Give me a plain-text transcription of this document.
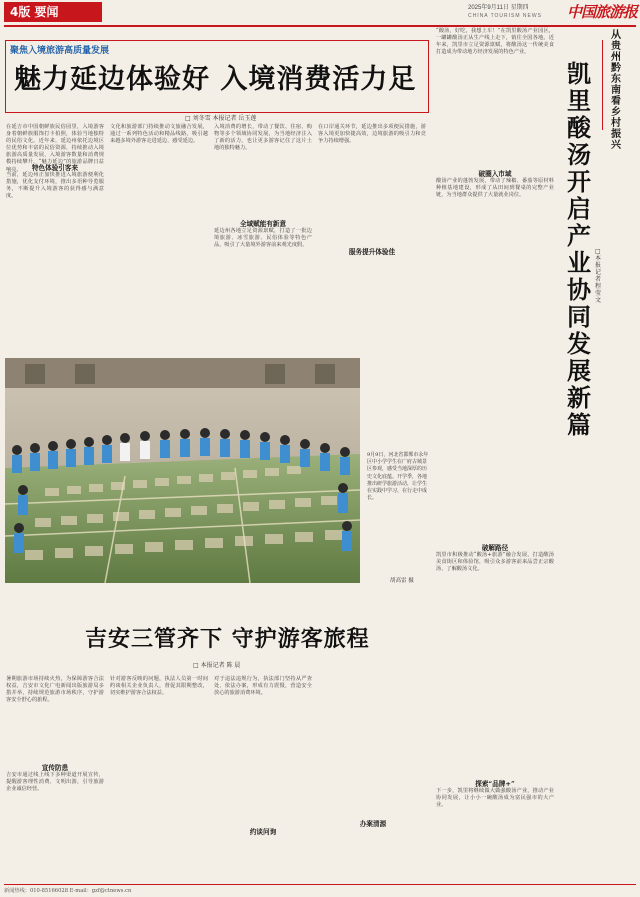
4版 要闻	2025年9月11日 星期四
CHINA TOURISM NEWS 中国旅游报
聚焦入境旅游高质量发展
魅力延边体验好 入境消费活力足
□ 刘冬雪 本报记者 岳玉莲
在延吉市中国朝鲜族民俗园里，入境游客身着朝鲜族服饰打卡拍照，体验当地独特的民俗文化。近年来，延边州依托边境区位优势和丰富的民俗资源，持续推动入境旅游高质量发展，入境游客数量和消费规模持续攀升，“魅力延边”的旅游品牌日益响亮。	特色体验引客来
当前，延边州正加快推进入境旅游便利化措施，优化支付环境，推出多语种导览服务，不断提升入境游客的获得感与满意度。
文化和旅游部门持续推动文旅融合发展，通过一系列特色活动和精品线路，吸引越来越多境外游客走进延边、感受延边。
入境消费的增长，带动了餐饮、住宿、购物等多个领域协同发展，为当地经济注入了新的活力，也让更多游客记住了这片土地的独特魅力。
全域赋能有新意
延边州各地立足资源禀赋，打造了一批边境旅游、冰雪旅游、民俗体验等特色产品，吸引了大量境外游客前来观光度假。
服务提升体验佳
在口岸通关环节，延边推出多项便民措施，游客入境更加快捷高效，边境旅游的吸引力和竞争力持续增强。
9月9日，河北省邯郸市永年区中小学学生在广府古城景区参观，感受当地深厚的历史文化底蕴。开学季，各地推出研学旅游活动，让学生在实践中学习、在行走中成长。
胡高雷 摄
吉安三管齐下 守护游客旅程
□ 本报记者 陈 晨
暑期旅游市场持续火热，为保障游客合法权益，吉安市文化广电新闻出版旅游局多措并举，持续规范旅游市场秩序，守护游客安全舒心的旅程。
宣传防患
吉安市通过线上线下多种渠道开展宣传，提醒游客理性消费、文明出游，引导旅游企业诚信经营。
针对游客反映的问题，执法人员第一时间约谈相关企业负责人，督促其限期整改，切实维护游客合法权益。
对于违法违规行为，执法部门坚持从严查处、依法办案，形成有力震慑，营造安全放心的旅游消费环境。
约谈问询
办案清源
从贵州黔东南看乡村振兴
凯里酸汤开启产业协同发展新篇
□ 本报记者 程莹文
“酸汤，好吃，我想上车！”在凯里酸汤产业园区，一罐罐酸汤正从生产线上走下，销往全国各地。近年来，凯里市立足资源禀赋，将酸汤这一传统美食打造成为带动地方经济发展的特色产业。
破圈入市域
酸汤产业的蓬勃发展，带动了辣椒、番茄等原材料种植基地建设，形成了从田间到餐桌的完整产业链，为当地群众提供了大量就业岗位。
破解路径
凯里市积极推动“酸汤+旅游”融合发展，打造酸汤美食街区和体验馆，吸引众多游客前来品尝正宗酸汤、了解酸汤文化。
探索“品牌+”
下一步，凯里将继续做大做强酸汤产业，推动产业协同发展，让小小一碗酸汤成为富民强市的大产业。
新闻热线：010-85166028 E-mail：gzf@ctnews.cn
